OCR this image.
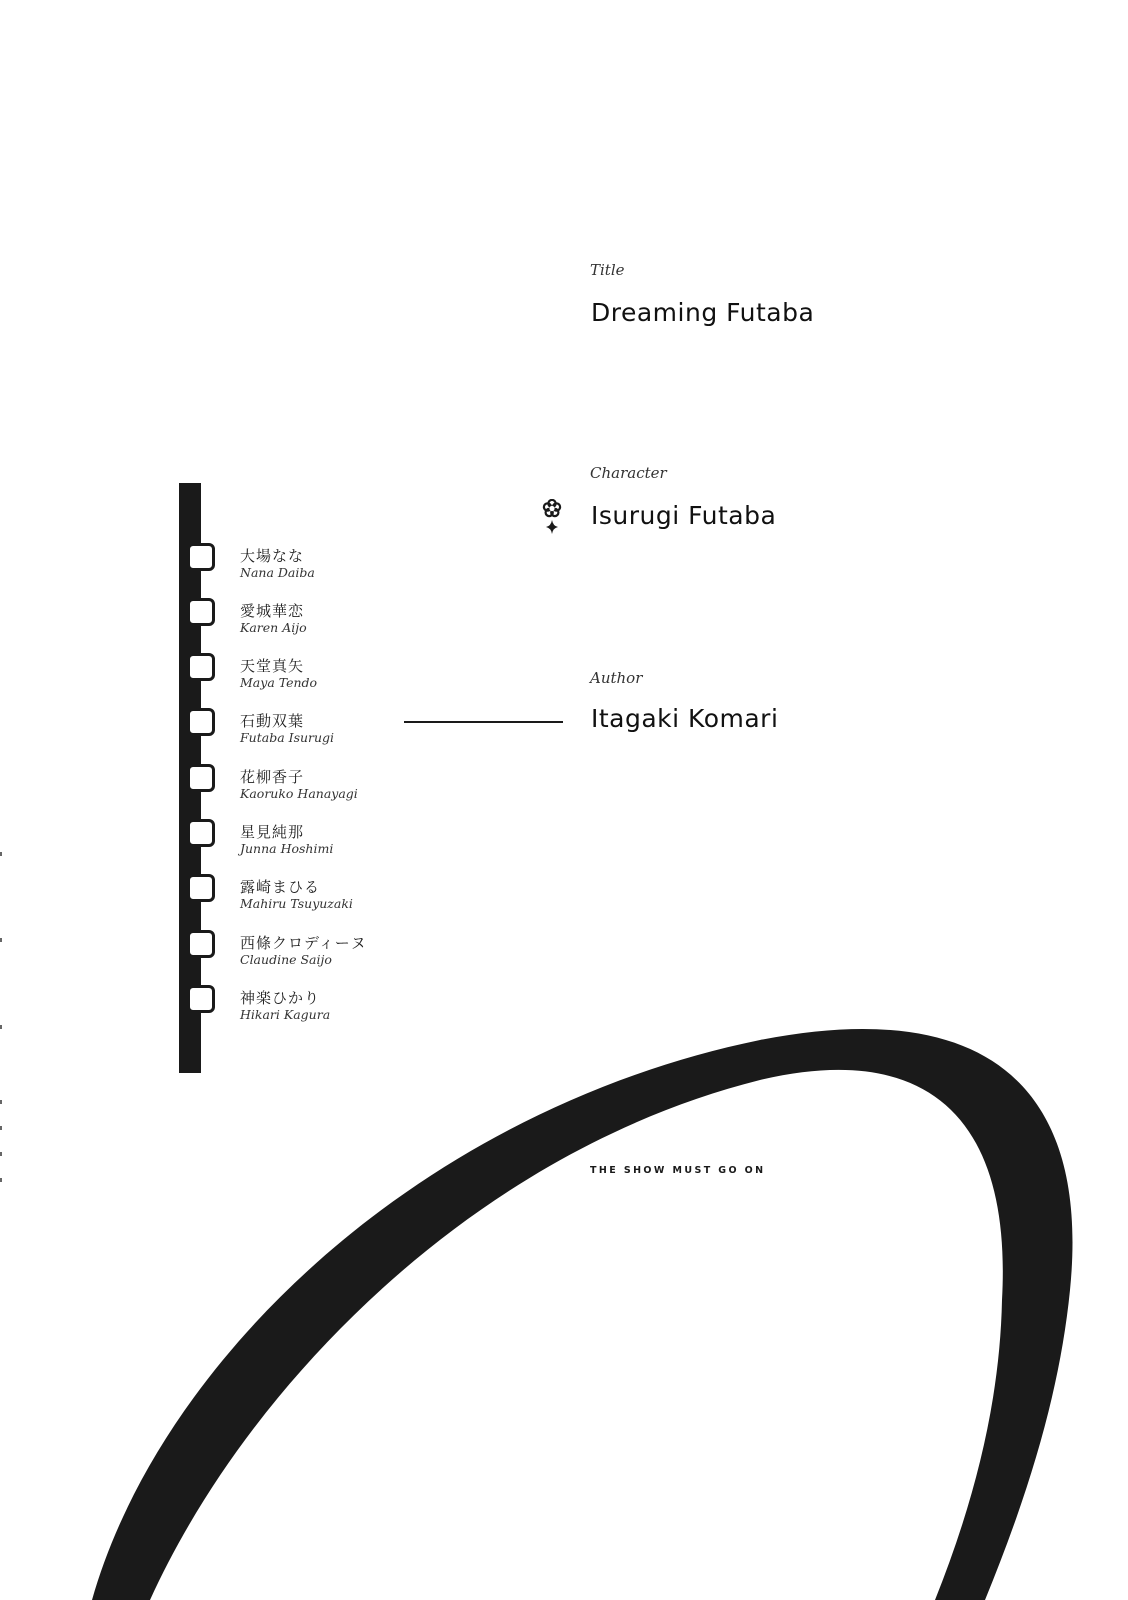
Title
Dreaming Futaba
Character
Isurugi Futaba
Author
Itagaki Komari
大場なな
Nana Daiba
愛城華恋
Karen Aijo
天堂真矢
Maya Tendo
石動双葉
Futaba Isurugi
花柳香子
Kaoruko Hanayagi
星見純那
Junna Hoshimi
露崎まひる
Mahiru Tsuyuzaki
西條クロディーヌ
Claudine Saijo
神楽ひかり
Hikari Kagura
THE SHOW MUST GO ON
